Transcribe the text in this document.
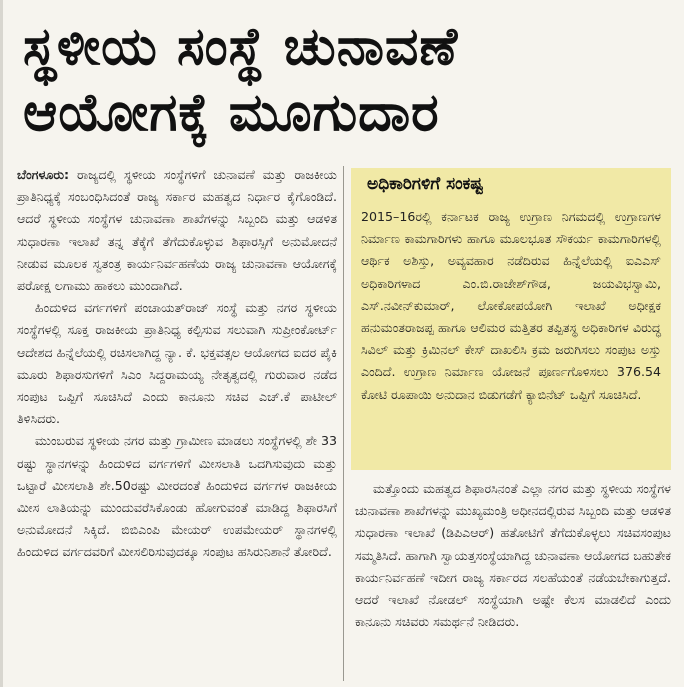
ಸ್ಥಳೀಯ ಸಂಸ್ಥೆ ಚುನಾವಣೆ
ಆಯೋಗಕ್ಕೆ ಮೂಗುದಾರ

ಬೆಂಗಳೂರು: ರಾಜ್ಯದಲ್ಲಿ ಸ್ಥಳೀಯ ಸಂಸ್ಥೆಗಳಿಗೆ ಚುನಾವಣೆ ಮತ್ತು ರಾಜಕೀಯ ಪ್ರಾತಿನಿಧ್ಯಕ್ಕೆ ಸಂಬಂಧಿಸಿದಂತೆ ರಾಜ್ಯ ಸರ್ಕಾರ ಮಹತ್ವದ ನಿರ್ಧಾರ ಕೈಗೊಂಡಿದೆ. ಆದರೆ ಸ್ಥಳೀಯ ಸಂಸ್ಥೆಗಳ ಚುನಾವಣಾ ಶಾಖೆಗಳನ್ನು ಸಿಬ್ಬಂದಿ ಮತ್ತು ಆಡಳಿತ ಸುಧಾರಣಾ ಇಲಾಖೆ ತನ್ನ ತೆಕ್ಕೆಗೆ ತೆಗೆದುಕೊಳ್ಳುವ ಶಿಫಾರಸ್ಸಿಗೆ ಅನುಮೋದನೆ ನೀಡುವ ಮೂಲಕ ಸ್ವತಂತ್ರ ಕಾರ್ಯನಿರ್ವಹಣೆಯ ರಾಜ್ಯ ಚುನಾವಣಾ ಆಯೋಗಕ್ಕೆ ಪರೋಕ್ಷ ಲಗಾಮು ಹಾಕಲು ಮುಂದಾಗಿದೆ.

ಹಿಂದುಳಿದ ವರ್ಗಗಳಿಗೆ ಪಂಚಾಯತ್‌ರಾಜ್ ಸಂಸ್ಥೆ ಮತ್ತು ನಗರ ಸ್ಥಳೀಯ ಸಂಸ್ಥೆಗಳಲ್ಲಿ ಸೂಕ್ತ ರಾಜಕೀಯ ಪ್ರಾತಿನಿಧ್ಯ ಕಲ್ಪಿಸುವ ಸಲುವಾಗಿ ಸುಪ್ರೀಂಕೋರ್ಟ್ ಆದೇಶದ ಹಿನ್ನೆಲೆಯಲ್ಲಿ ರಚಿಸಲಾಗಿದ್ದ ನ್ಯಾ. ಕೆ. ಭಕ್ತವತ್ಸಲ ಆಯೋಗದ ಐದರ ಪೈಕಿ ಮೂರು ಶಿಫಾರಸುಗಳಿಗೆ ಸಿಎಂ ಸಿದ್ದರಾಮಯ್ಯ ನೇತೃತ್ವದಲ್ಲಿ ಗುರುವಾರ ನಡೆದ ಸಂಪುಟ ಒಪ್ಪಿಗೆ ಸೂಚಿಸಿದೆ ಎಂದು ಕಾನೂನು ಸಚಿವ ಎಚ್.ಕೆ ಪಾಟೀಲ್ ತಿಳಿಸಿದರು.

ಮುಂಬರುವ ಸ್ಥಳೀಯ ನಗರ ಮತ್ತು ಗ್ರಾಮೀಣ ಮಾಡಲು ಸಂಸ್ಥೆಗಳಲ್ಲಿ ಶೇ 33 ರಷ್ಟು ಸ್ಥಾನಗಳನ್ನು ಹಿಂದುಳಿದ ವರ್ಗಗಳಿಗೆ ಮೀಸಲಾತಿ ಒದಗಿಸುವುದು ಮತ್ತು ಒಟ್ಟಾರೆ ಮೀಸಲಾತಿ ಶೇ.50ರಷ್ಟು ಮೀರದಂತೆ ಹಿಂದುಳಿದ ವರ್ಗಗಳ ರಾಜಕೀಯ ಮೀಸ ಲಾತಿಯನ್ನು ಮುಂದುವರೆಸಿಕೊಂಡು ಹೋಗುವಂತೆ ಮಾಡಿದ್ದ ಶಿಫಾರಸಿಗೆ ಅನುಮೋದನೆ ಸಿಕ್ಕಿದೆ. ಬಿಬಿಎಂಪಿ ಮೇಯರ್ ಉಪಮೇಯರ್ ಸ್ಥಾನಗಳಲ್ಲಿ ಹಿಂದುಳಿದ ವರ್ಗದವರಿಗೆ ಮೀಸಲಿರಿಸುವುದಕ್ಕೂ ಸಂಪುಟ ಹಸಿರುನಿಶಾನೆ ತೋರಿದೆ.

ಅಧಿಕಾರಿಗಳಿಗೆ ಸಂಕಷ್ಟ

2015–16ರಲ್ಲಿ ಕರ್ನಾಟಕ ರಾಜ್ಯ ಉಗ್ರಾಣ ನಿಗಮದಲ್ಲಿ ಉಗ್ರಾಣಗಳ ನಿರ್ಮಾಣ ಕಾಮಗಾರಿಗಳು ಹಾಗೂ ಮೂಲಭೂತ ಸೌಕರ್ಯ ಕಾಮಗಾರಿಗಳಲ್ಲಿ ಆರ್ಥಿಕ ಅಶಿಸ್ತು, ಅವ್ಯವಹಾರ ನಡೆದಿರುವ ಹಿನ್ನೆಲೆಯಲ್ಲಿ ಐಎಎಸ್ ಅಧಿಕಾರಿಗಳಾದ ಎಂ.ಬಿ.ರಾಜೇಶ್‌ಗೌಡ, ಜಯವಿಭಸ್ವಾಮಿ, ಎಸ್.ನವೀನ್‌ಕುಮಾರ್, ಲೋಕೋಪಯೋಗಿ ಇಲಾಖೆ ಅಧೀಕ್ಷಕ ಹನುಮಂತರಾಜಪ್ಪ ಹಾಗೂ ಆಲಿಮರ ಮತ್ತಿತರ ತಪ್ಪಿತಸ್ಥ ಅಧಿಕಾರಿಗಳ ವಿರುದ್ಧ ಸಿವಿಲ್ ಮತ್ತು ಕ್ರಿಮಿನಲ್ ಕೇಸ್ ದಾಖಲಿಸಿ ಕ್ರಮ ಜರುಗಿಸಲು ಸಂಪುಟ ಅಸ್ತು ಎಂದಿದೆ. ಉಗ್ರಾಣ ನಿರ್ಮಾಣ ಯೋಜನೆ ಪೂರ್ಣಗೊಳಿಸಲು 376.54 ಕೋಟಿ ರೂಪಾಯಿ ಅನುದಾನ ಬಿಡುಗಡೆಗೆ ಕ್ಯಾಬಿನೆಟ್ ಒಪ್ಪಿಗೆ ಸೂಚಿಸಿದೆ.

ಮತ್ತೊಂದು ಮಹತ್ವದ ಶಿಫಾರಸಿನಂತೆ ಎಲ್ಲಾ ನಗರ ಮತ್ತು ಸ್ಥಳೀಯ ಸಂಸ್ಥೆಗಳ ಚುನಾವಣಾ ಶಾಖೆಗಳನ್ನು ಮುಖ್ಯಮಂತ್ರಿ ಅಧೀನದಲ್ಲಿರುವ ಸಿಬ್ಬಂದಿ ಮತ್ತು ಆಡಳಿತ ಸುಧಾರಣಾ ಇಲಾಖೆ (ಡಿಪಿಎಆರ್) ಹತೋಟಿಗೆ ತೆಗೆದುಕೊಳ್ಳಲು ಸಚಿವಸಂಪುಟ ಸಮ್ಮತಿಸಿದೆ. ಹಾಗಾಗಿ ಸ್ವಾಯತ್ತಸಂಸ್ಥೆಯಾಗಿದ್ದ ಚುನಾವಣಾ ಆಯೋಗದ ಬಹುತೇಕ ಕಾರ್ಯನಿರ್ವಹಣೆ ಇದೀಗ ರಾಜ್ಯ ಸರ್ಕಾರದ ಸಲಹೆಯಂತೆ ನಡೆಯಬೇಕಾಗುತ್ತದೆ. ಆದರೆ ಇಲಾಖೆ ನೋಡಲ್ ಸಂಸ್ಥೆಯಾಗಿ ಅಷ್ಟೇ ಕೆಲಸ ಮಾಡಲಿದೆ ಎಂದು ಕಾನೂನು ಸಚಿವರು ಸಮರ್ಥನೆ ನೀಡಿದರು.
